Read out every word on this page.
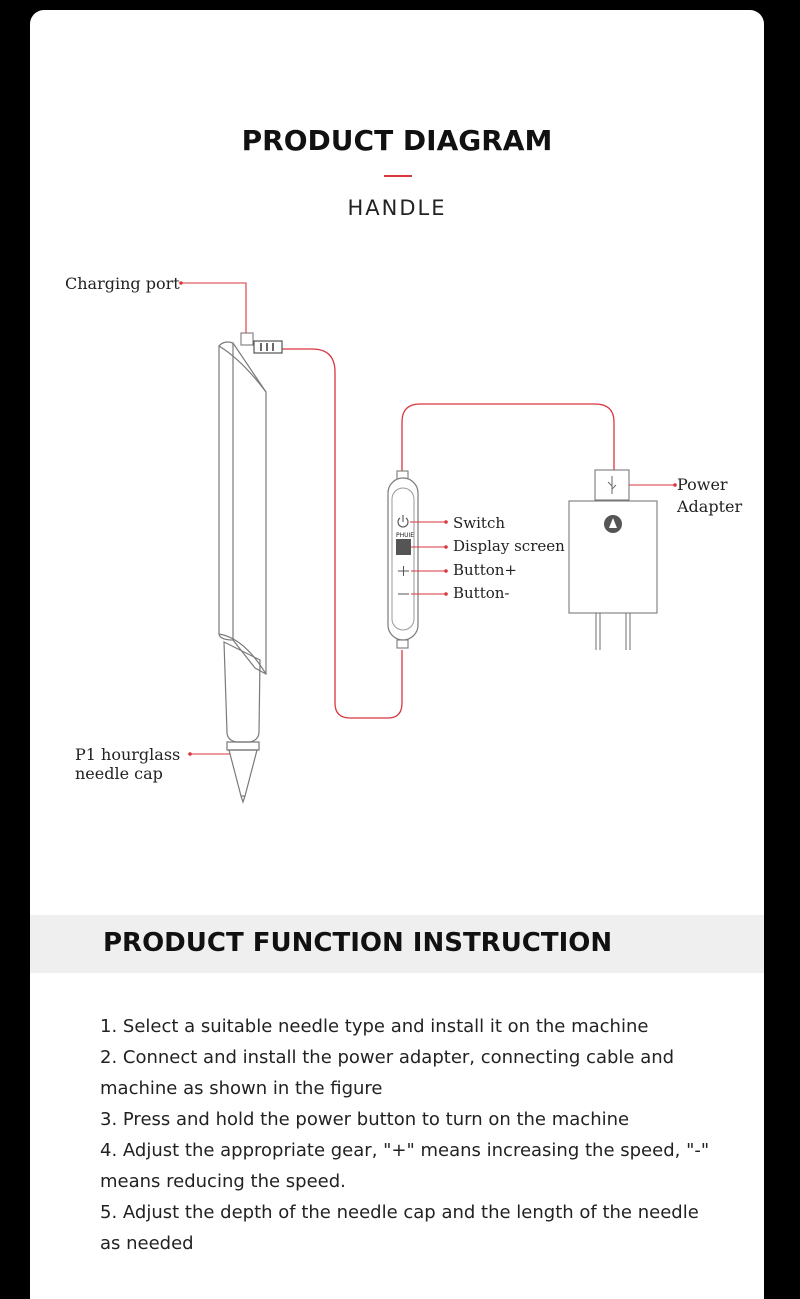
PRODUCT DIAGRAM
HANDLE
PHUIE
Charging port
P1 hourglass
needle cap
Switch
Display screen
Button+
Button-
Power
Adapter
PRODUCT FUNCTION INSTRUCTION
1. Select a suitable needle type and install it on the machine
2. Connect and install the power adapter, connecting cable and machine as shown in the figure
3. Press and hold the power button to turn on the machine
4. Adjust the appropriate gear, "+" means increasing the speed, "-" means reducing the speed.
5. Adjust the depth of the needle cap and the length of the needle as needed
